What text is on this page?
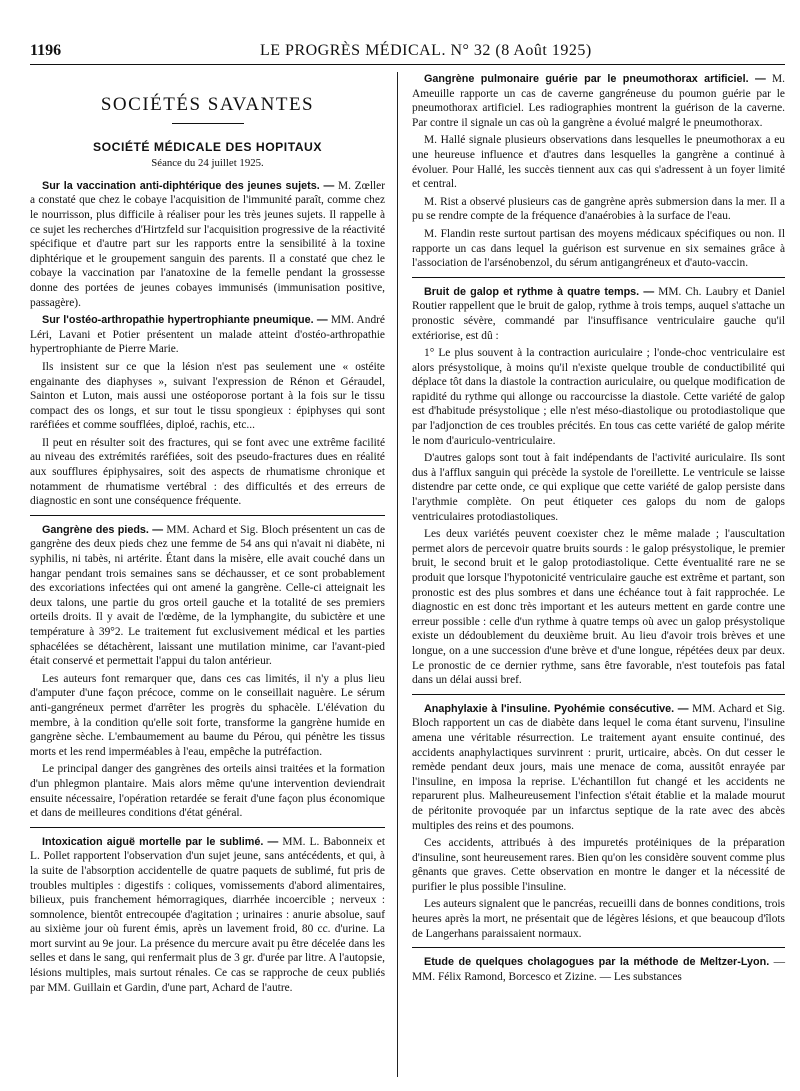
1196	LE PROGRÈS MÉDICAL. N° 32 (8 Août 1925)
SOCIÉTÉS SAVANTES
SOCIÉTÉ MÉDICALE DES HOPITAUX
Séance du 24 juillet 1925.

Sur la vaccination anti-diphtérique des jeunes sujets. — M. Zœller a constaté que chez le cobaye l'acquisition de l'immunité paraît, comme chez le nourrisson, plus difficile à réaliser pour les très jeunes sujets. Il rappelle à ce sujet les recherches d'Hirtzfeld sur l'acquisition progressive de la réactivité spécifique et d'autre part sur les rapports entre la sensibilité à la toxine diphtérique et le groupement sanguin des parents. Il a constaté que chez le cobaye la vaccination par l'anatoxine de la femelle pendant la grossesse donne des portées de jeunes cobayes immunisés (immunisation positive, passagère).

Sur l'ostéo-arthropathie hypertrophiante pneumique. — MM. André Léri, Lavani et Potier présentent un malade atteint d'ostéo-arthropathie hypertrophiante de Pierre Marie.

Ils insistent sur ce que la lésion n'est pas seulement une « ostéite engainante des diaphyses », suivant l'expression de Rénon et Géraudel, Sainton et Luton, mais aussi une ostéoporose portant à la fois sur le tissu compact des os longs, et sur tout le tissu spongieux : épiphyses qui sont raréfiées et comme soufflées, diploé, rachis, etc...

Il peut en résulter soit des fractures, qui se font avec une extrême facilité au niveau des extrémités raréfiées, soit des pseudo-fractures dues en réalité aux soufflures épiphysaires, soit des aspects de rhumatisme chronique et notamment de rhumatisme vertébral : des difficultés et des erreurs de diagnostic en sont une conséquence fréquente.

Gangrène des pieds. — MM. Achard et Sig. Bloch présentent un cas de gangrène des deux pieds chez une femme de 54 ans qui n'avait ni diabète, ni syphilis, ni tabès, ni artérite. Étant dans la misère, elle avait couché dans un hangar pendant trois semaines sans se déchausser, et ce sont probablement des excoriations infectées qui ont amené la gangrène. Celle-ci atteignait les deux talons, une partie du gros orteil gauche et la totalité de ses premiers orteils droits. Il y avait de l'œdème, de la lymphangite, du subictère et une température à 39°2. Le traitement fut exclusivement médical et les parties sphacélées se détachèrent, laissant une mutilation minime, car l'avant-pied était conservé et permettait l'appui du talon antérieur.

Les auteurs font remarquer que, dans ces cas limités, il n'y a plus lieu d'amputer d'une façon précoce, comme on le conseillait naguère. Le sérum anti-gangréneux permet d'arrêter les progrès du sphacèle. L'élévation du membre, à la condition qu'elle soit forte, transforme la gangrène humide en gangrène sèche. L'embaumement au baume du Pérou, qui pénètre les tissus morts et les rend imperméables à l'eau, empêche la putréfaction.

Le principal danger des gangrènes des orteils ainsi traitées et la formation d'un phlegmon plantaire. Mais alors même qu'une intervention deviendrait ensuite nécessaire, l'opération retardée se ferait d'une façon plus économique et dans de meilleures conditions d'état général.

Intoxication aiguë mortelle par le sublimé. — MM. L. Babonneix et L. Pollet rapportent l'observation d'un sujet jeune, sans antécédents, et qui, à la suite de l'absorption accidentelle de quatre paquets de sublimé, fut pris de troubles multiples : digestifs : coliques, vomissements d'abord alimentaires, bilieux, puis franchement hémorragiques, diarrhée incoercible ; nerveux : somnolence, bientôt entrecoupée d'agitation ; urinaires : anurie absolue, sauf au sixième jour où furent émis, après un lavement froid, 80 cc. d'urine. La mort survint au 9e jour. La présence du mercure avait pu être décelée dans les selles et dans le sang, qui renfermait plus de 3 gr. d'urée par litre. A l'autopsie, lésions multiples, mais surtout rénales. Ce cas se rapproche de ceux publiés par MM. Guillain et Gardin, d'une part, Achard de l'autre.

Gangrène pulmonaire guérie par le pneumothorax artificiel. — M. Ameuille rapporte un cas de caverne gangréneuse du poumon guérie par le pneumothorax artificiel. Les radiographies montrent la guérison de la caverne. Par contre il signale un cas où la gangrène a évolué malgré le pneumothorax.

M. Hallé signale plusieurs observations dans lesquelles le pneumothorax a eu une heureuse influence et d'autres dans lesquelles la gangrène a continué à évoluer. Pour Hallé, les succès tiennent aux cas qui s'adressent à un foyer limité et central.

M. Rist a observé plusieurs cas de gangrène après submersion dans la mer. Il a pu se rendre compte de la fréquence d'anaérobies à la surface de l'eau.

M. Flandin reste surtout partisan des moyens médicaux spécifiques ou non. Il rapporte un cas dans lequel la guérison est survenue en six semaines grâce à l'association de l'arsénobenzol, du sérum antigangréneux et d'auto-vaccin.

Bruit de galop et rythme à quatre temps. — MM. Ch. Laubry et Daniel Routier rappellent que le bruit de galop, rythme à trois temps, auquel s'attache un pronostic sévère, commandé par l'insuffisance ventriculaire gauche qu'il extériorise, est dû :

1° Le plus souvent à la contraction auriculaire ; l'onde-choc ventriculaire est alors présystolique, à moins qu'il n'existe quelque trouble de conductibilité qui déplace tôt dans la diastole la contraction auriculaire, ou quelque modification de rapidité du rythme qui allonge ou raccourcisse la diastole. Cette variété de galop est d'habitude présystolique ; elle n'est méso-diastolique ou protodiastolique que par l'adjonction de ces troubles précités. En tous cas cette variété de galop mérite le nom d'auriculo-ventriculaire.

D'autres galops sont tout à fait indépendants de l'activité auriculaire. Ils sont dus à l'afflux sanguin qui précède la systole de l'oreillette. Le ventricule se laisse distendre par cette onde, ce qui explique que cette variété de galop persiste dans l'arythmie complète. On peut étiqueter ces galops du nom de galops ventriculaires protodiastoliques.

Les deux variétés peuvent coexister chez le même malade ; l'auscultation permet alors de percevoir quatre bruits sourds : le galop présystolique, le premier bruit, le second bruit et le galop protodiastolique. Cette éventualité rare ne se produit que lorsque l'hypotonicité ventriculaire gauche est extrême et partant, son pronostic est des plus sombres et dans une échéance tout à fait rapprochée. Le diagnostic en est donc très important et les auteurs mettent en garde contre une erreur possible : celle d'un rythme à quatre temps où avec un galop présystolique existe un dédoublement du deuxième bruit. Au lieu d'avoir trois brèves et une longue, on a une succession d'une brève et d'une longue, répétées deux par deux. Le pronostic de ce dernier rythme, sans être favorable, n'est toutefois pas fatal dans un délai aussi bref.

Anaphylaxie à l'insuline. Pyohémie consécutive. — MM. Achard et Sig. Bloch rapportent un cas de diabète dans lequel le coma étant survenu, l'insuline amena une véritable résurrection. Le traitement ayant ensuite continué, des accidents anaphylactiques survinrent : prurit, urticaire, abcès. On dut cesser le remède pendant deux jours, mais une menace de coma, aussitôt enrayée par l'insuline, en imposa la reprise. L'échantillon fut changé et les accidents ne reparurent plus. Malheureusement l'infection s'était établie et la malade mourut de péritonite provoquée par un infarctus septique de la rate avec des abcès multiples des reins et des poumons.

Ces accidents, attribués à des impuretés protéiniques de la préparation d'insuline, sont heureusement rares. Bien qu'on les considère souvent comme plus gênants que graves. Cette observation en montre le danger et la nécessité de purifier le plus possible l'insuline.

Les auteurs signalent que le pancréas, recueilli dans de bonnes conditions, trois heures après la mort, ne présentait que de légères lésions, et que beaucoup d'îlots de Langerhans paraissaient normaux.

Etude de quelques cholagogues par la méthode de Meltzer-Lyon. — MM. Félix Ramond, Borcesco et Zizine. — Les substances
